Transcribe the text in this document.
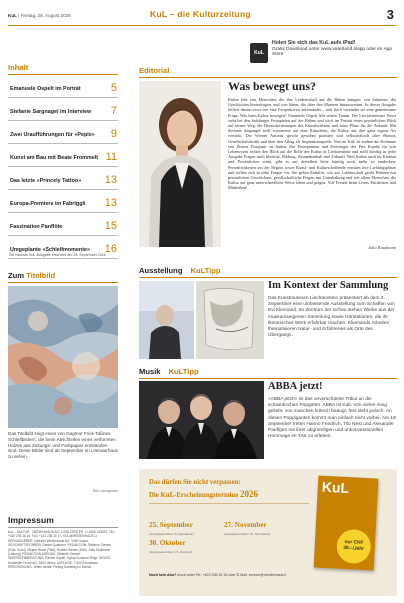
KuL | Freitag, 28. August 2026	KuL – die Kulturzeitung	3
KuL
Holen Sie sich das KuL aufs iPad!
Gratis Download unter www.vaterland.li/app oder im App Store
Inhalt
Emanuele Ospelt im Porträt	5
Stefanie Sargnagel im Interview 7
Zwei Uraufführungen für «Pepis» 9
Kunst am Bau mit Beate Frommelt 11
Das letzte «Princely Tattoo» 13
Europa-Premiere im Fabriggli 13
Faszination Panflöte	15
Umgeplante «Schleifmomente» 16
Die nächste KuL-Ausgabe erscheint am 25. September 2026
Editorial
Was bewegt uns?
Kultur lebt von Menschen, die ihre Leidenschaft auf die Bühne bringen, von Stimmen, die Geschichten hinterfragen, und von Ideen, die über den Moment hinausweisen. In dieser Ausgabe treffen daraus zwei wie eine Perspektiven aufeinander – und doch verbindet sie eine gemeinsame Frage: Was kann Kultur bewegen? Emanuele Ospelt lebt seinen Traum. Der Liechtensteiner Tenor steht bei den Salzburger Festspielen auf der Bühne und wirft im Porträt einen persönlichen Blick auf seinen Weg, die Herausforderungen des Künstlerlebens und seine Pläne für die Zukunft. Mit Stefanie Sargnagel trifft wiesauerer auf eine Künstlerin, die Kultur auf ihre ganz eigene Art versteht. Die Wiener Autorin spricht gewohnt pointiert und selbstironisch über Humor, Gesellschaftskritik und über den Alltag als Inspirationsquelle. Neu im KuL ist zudem die Kolumne von Dosien Domjanic zu finden. Der Entrepreneur und Preisträger des Prix Kujalie für sein Lebenswerk richtet den Blick auf die Rolle der Kultur in Liechtenstein und stellt künftig in jeder Ausgabe Fragen nach Identität, Bildung, Zusammenhalt und Zukunft. Weil Kultur auch im Kleinen und Persönlichen wirkt, gibt es auf derselben Seite künftig noch mehr zu entdecken: Persönlichkeiten aus der Region sowie Kunst- und Kulturschaffende verraten ihre Lieblingsplätze und stellen sich in zehn Fragen vor. Sie geben Einblick, wie aus Leidenschaft große Bühnen mit persönlichen Geschichten, gesellschaftliche Fragen mit Unterhaltung und wie allem Menschen, die Kultur auf ganz unterschiedliche Weise leben und prägen. Viel Freude beim Lesen, Entdecken und Mitdenken!
Julia Kaufmann
Zum Titelbild
Das Titelbild zeigt eines von Dagmar Frick-Taßnes Schleifbildern, die beim Abschleifen eines verformten Holzes aus Zeitungs- und Farbpapier entstanden sind. Diese Bilder sind ab September im Literaturhaus zu sehen.
Bild: hansgerzek
Impressum
KuL – KULTUR · MEDIENHAUS AG, LOVA-CENTER, LI-9490 VADUZ, TEL. +423 236 16 16, FAX +423 236 16 17, KUL@MEDIENHAUS.LI · HERAUSGEBER: Vaduzer Medienhaus AG, 9490 Vaduz. GESCHÄFTSFÜHRER: Daniel Quaderer. REDAKTION: Stefanie Gremel (Foto, Schu), Mirjam Hanel (Titel), Norbert Rieder (Titel), Julia Kaufmann (Leitung), REDAKTION AGENDA: Stefanie Gremel. INSERATENBERATUNG: Patrick Ospelt, Sylvia Schamal-Röge. DRUCK: Schaedler Druck AG, 9490 Vaduz. AUFLAGE: 7.600 Exemplare. ERSCHEINUNG: Jeden letzten Freitag Samstag im Monat.
Ausstellung KuLTipp
Im Kontext der Sammlung
Das Kunstmuseum Liechtenstein präsentiert ab dem 3. September eine umfassende Ausstellung zum Schaffen von Evi Kliemand. Im Zentrum der Schau stehen Werke aus der museumseigenen Sammlung sowie Hörstationen, die ihr literarisches Werk erfahrbar machen. Kliemands Arbeiten thematisieren Natur- und Erfahrenes als Orte des Übergangs.
Musik KuLTipp
ABBA jetzt!
«ABBA jetzt!» ist das unverschämte Tribut an die schwedischen Popgötter. ABBA ist Kult. Von vielen innig geliebt, von manchen kritisch beäugt, fest steht jedoch: An diesen Poppiganten kommt man einfach nicht vorbei. Am 19. September treten Hanno Friedrich, Tilo Nest und Alexander Paeffgen mit ihrer abgründigen und unkonventionellen Hommage im TAK zu erleben.
Das dürfen Sie nicht verpassen:
Die KuL-Erscheinungstermine 2026
25. September
(Anzeigenschluss: 8. September)
27. November
(Anzeigenschluss: 20. November)
30. Oktober
(Anzeigenschluss: 23. Oktober)
Noch kein Abo? Anruf unter Tel. +423 236 16 16 oder E-Mail: service@medienhaus.li
KuL
nur CHF 39.–/Jahr
